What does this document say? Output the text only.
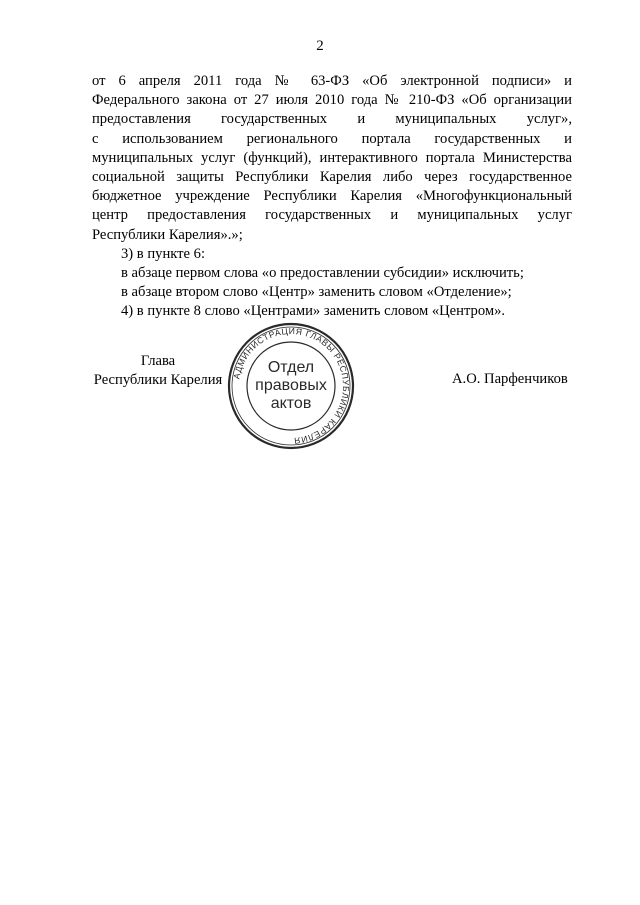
2

от 6 апреля 2011 года № 63-ФЗ «Об электронной подписи» и

Федерального закона от 27 июля 2010 года № 210-ФЗ «Об организации

предоставления государственных и муниципальных услуг»,

с использованием регионального портала государственных и

муниципальных услуг (функций), интерактивного портала Министерства

социальной защиты Республики Карелия либо через государственное

бюджетное учреждение Республики Карелия «Многофункциональный

центр предоставления государственных и муниципальных услуг

Республики Карелия».»;

3) в пункте 6:

в абзаце первом слова «о предоставлении субсидии» исключить;

в абзаце втором слово «Центр» заменить словом «Отделение»;

4) в пункте 8 слово «Центрами» заменить словом «Центром».

Глава
Республики Карелия АДМИНИСТРАЦИЯ ГЛАВЫ РЕСПУБЛИКИ КАРЕЛИЯ
Отдел
правовых
актов
А.О. Парфенчиков
